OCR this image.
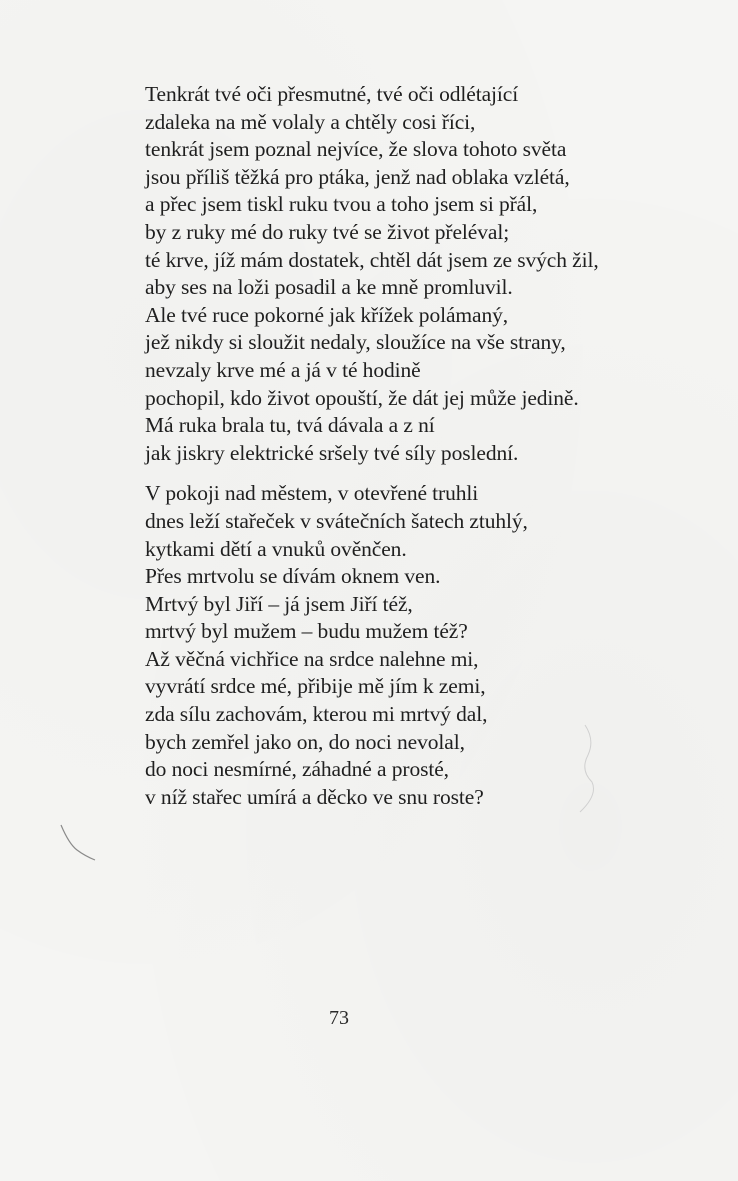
Tenkrát tvé oči přesmutné, tvé oči odlétající
zdaleka na mě volaly a chtěly cosi říci,
tenkrát jsem poznal nejvíce, že slova tohoto světa
jsou příliš těžká pro ptáka, jenž nad oblaka vzlétá,
a přec jsem tiskl ruku tvou a toho jsem si přál,
by z ruky mé do ruky tvé se život přeléval;
té krve, jíž mám dostatek, chtěl dát jsem ze svých žil,
aby ses na loži posadil a ke mně promluvil.
Ale tvé ruce pokorné jak křížek polámaný,
jež nikdy si sloužit nedaly, sloužíce na vše strany,
nevzaly krve mé a já v té hodině
pochopil, kdo život opouští, že dát jej může jedině.
Má ruka brala tu, tvá dávala a z ní
jak jiskry elektrické sršely tvé síly poslední.
V pokoji nad městem, v otevřené truhli
dnes leží stařeček v svátečních šatech ztuhlý,
kytkami dětí a vnuků ověnčen.
Přes mrtvolu se dívám oknem ven.
Mrtvý byl Jiří – já jsem Jiří též,
mrtvý byl mužem – budu mužem též?
Až věčná vichřice na srdce nalehne mi,
vyvrátí srdce mé, přibije mě jím k zemi,
zda sílu zachovám, kterou mi mrtvý dal,
bych zemřel jako on, do noci nevolal,
do noci nesmírné, záhadné a prosté,
v níž stařec umírá a děcko ve snu roste?
73
